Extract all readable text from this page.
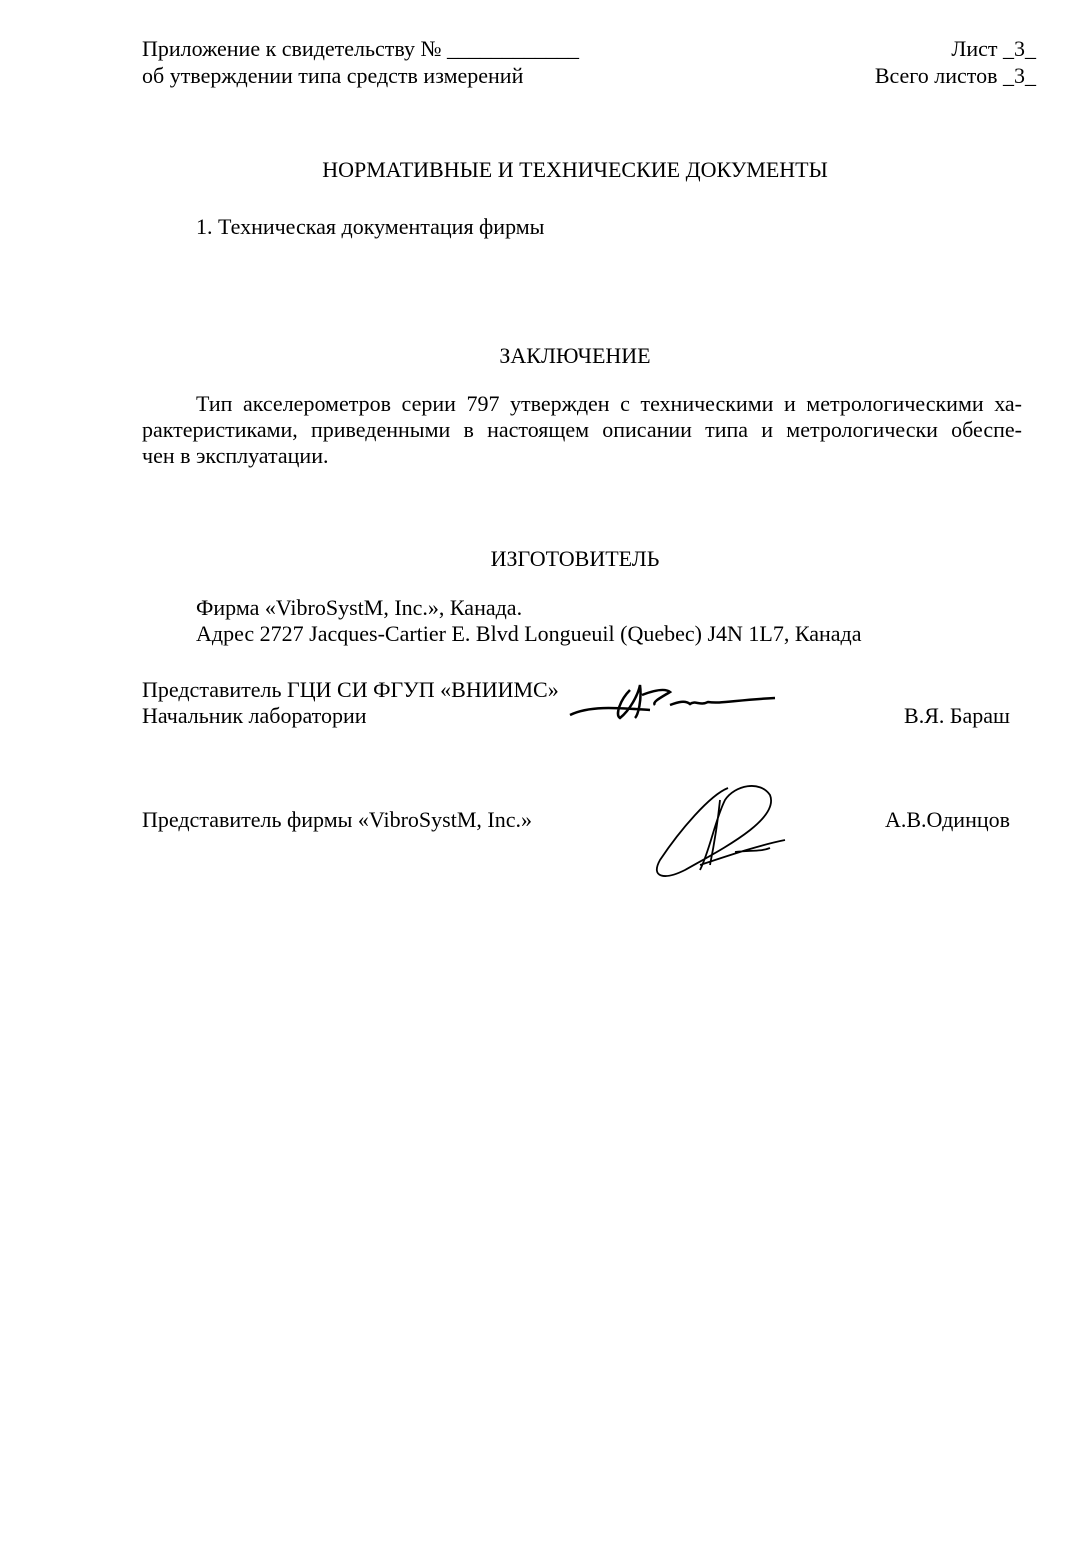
Приложение к свидетельству № ____________
об утверждении типа средств измерений
Лист _3_
Всего листов _3_
НОРМАТИВНЫЕ И ТЕХНИЧЕСКИЕ ДОКУМЕНТЫ
1. Техническая документация фирмы
ЗАКЛЮЧЕНИЕ
Тип акселерометров серии 797 утвержден с техническими и метрологическими ха-
рактеристиками, приведенными в настоящем описании типа и метрологически обеспе-
чен в эксплуатации.
ИЗГОТОВИТЕЛЬ
Фирма «VibroSystM, Inc.», Канада.
Адрес 2727 Jacques-Cartier E. Blvd Longueuil (Quebec) J4N 1L7, Канада
Представитель ГЦИ СИ ФГУП «ВНИИМС»
Начальник лаборатории	В.Я. Бараш
Представитель фирмы «VibroSystM, Inc.»	А.В.Одинцов
